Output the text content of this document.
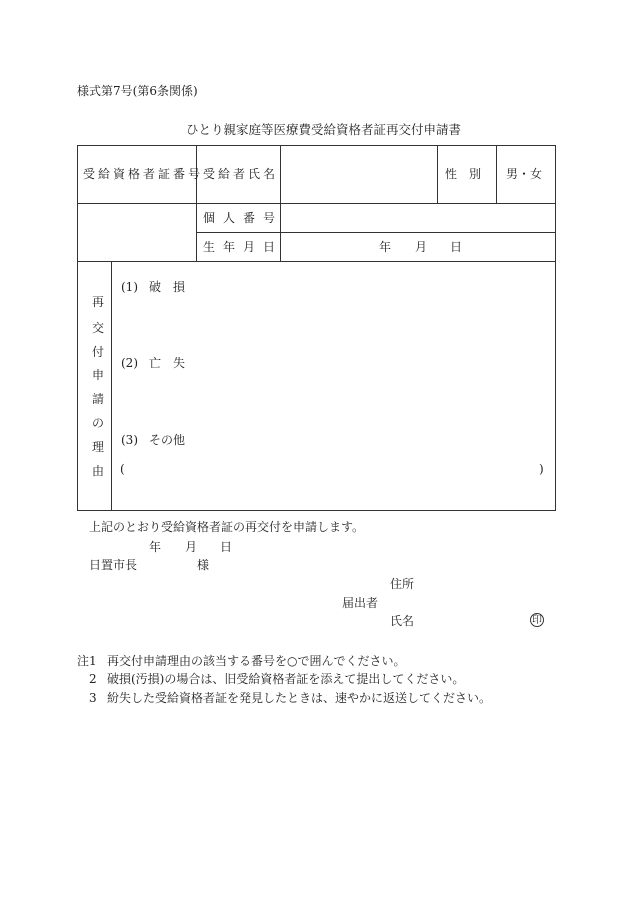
様式第7号(第6条関係)
ひとり親家庭等医療費受給資格者証再交付申請書
受給資格者証番号 受給者氏名	性　別 男・女
個人番号
生年月日	年 月 日
再
交
付
申
請
の
理
由
(1) 破　損
(2) 亡　失
(3) その他
(	)
上記のとおり受給資格者証の再交付を申請します。
年 月 日
日置市長	様
住所
届出者
氏名	印
注1 再交付申請理由の該当する番号を○で囲んでください。
2 破損(汚損)の場合は、旧受給資格者証を添えて提出してください。
3 紛失した受給資格者証を発見したときは、速やかに返送してください。
